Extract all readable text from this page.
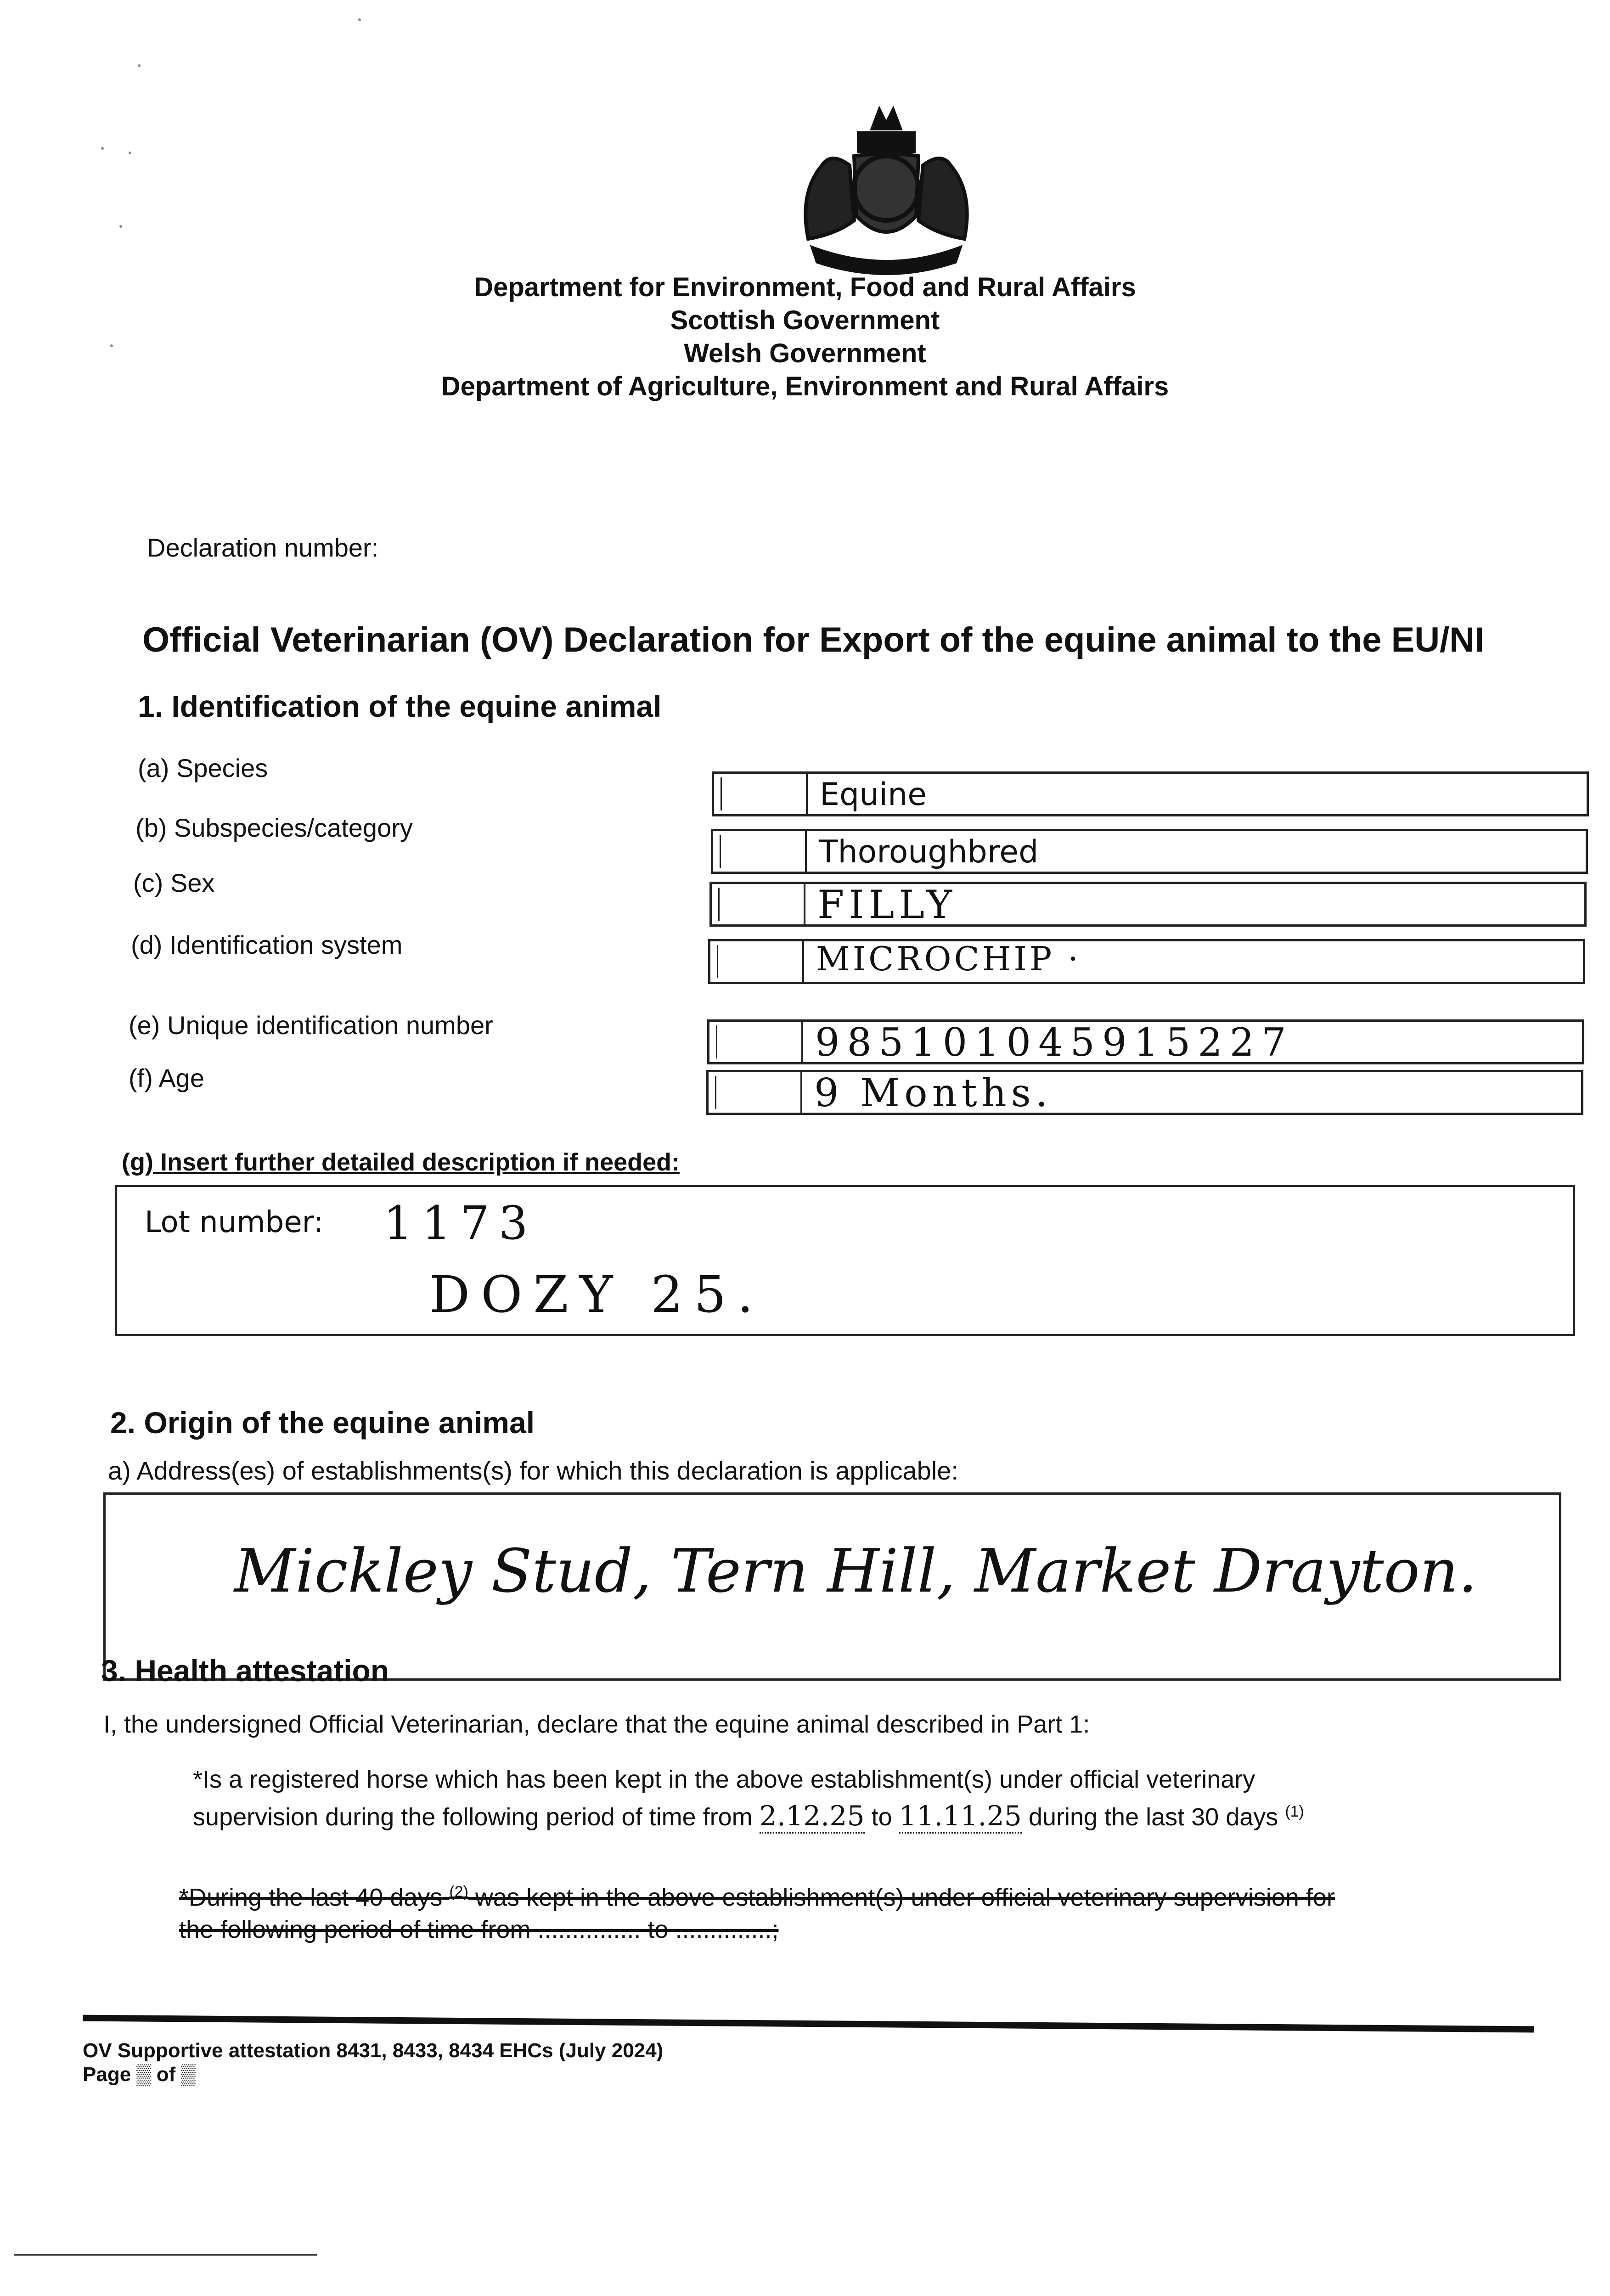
Department for Environment, Food and Rural Affairs
Scottish Government
Welsh Government
Department of Agriculture, Environment and Rural Affairs
Declaration number:
Official Veterinarian (OV) Declaration for Export of the equine animal to the EU/NI
1. Identification of the equine animal
(a) Species
(b) Subspecies/category
(c) Sex
(d) Identification system
(e) Unique identification number
(f) Age
Equine
Thoroughbred
FILLY
MICROCHIP ·
985101045915227
9 Months.
(g) Insert further detailed description if needed:
Lot number: 1173
DOZY 25.
2. Origin of the equine animal
a) Address(es) of establishments(s) for which this declaration is applicable:
Mickley Stud, Tern Hill, Market Drayton.
3. Health attestation
I, the undersigned Official Veterinarian, declare that the equine animal described in Part 1:
*Is a registered horse which has been kept in the above establishment(s) under official veterinary
supervision during the following period of time from 2.12.25 to 11.11.25 during the last 30 days $^{(1)}$
*During the last 40 days $^{(2)}$ was kept in the above establishment(s) under official veterinary supervision for
the following period of time from ............... to ..............;
OV Supportive attestation 8431, 8433, 8434 EHCs (July 2024)
Page ▒ of ▒
